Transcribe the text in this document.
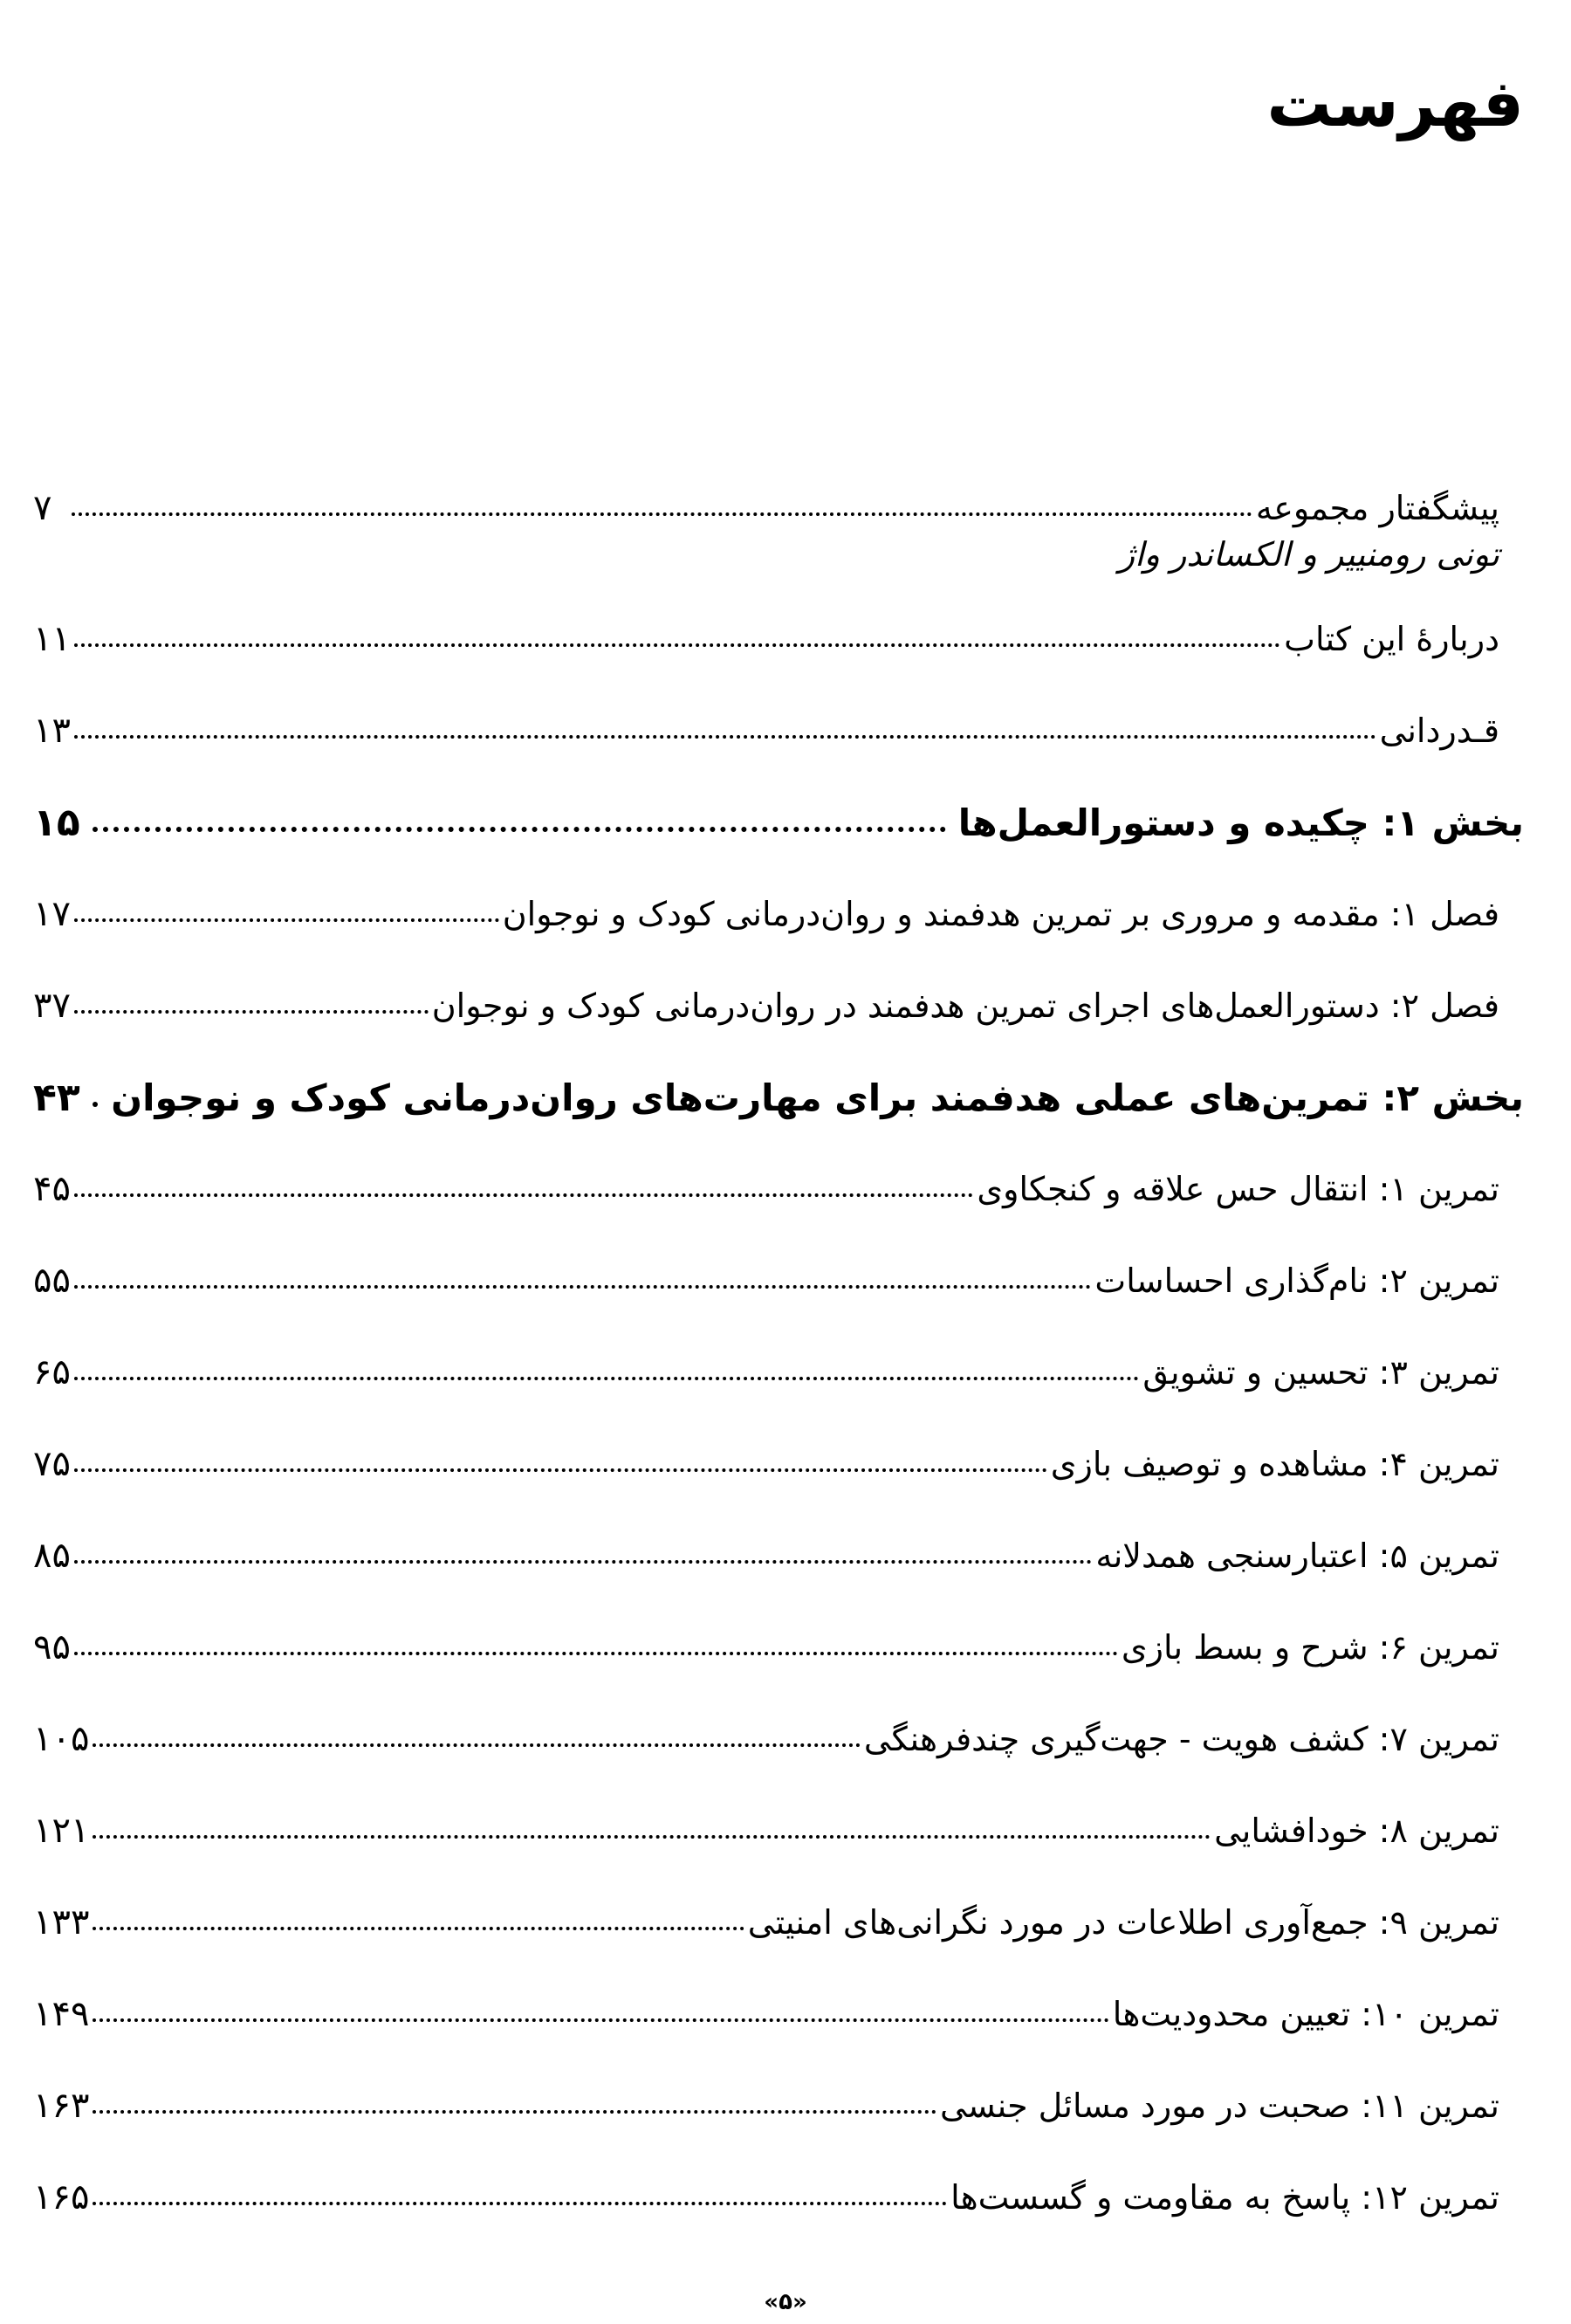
فهرست
پیشگفتار مجموعه
۷
تونی رومنییر و الکساندر واژ
دربارۀ این کتاب
۱۱
قـدردانی
۱۳
بخش ۱: چکیده و دستورالعمل‌ها
۱۵
فصل ۱: مقدمه و مروری بر تمرین هدفمند و روان‌درمانی کودک و نوجوان
۱۷
فصل ۲: دستورالعمل‌های اجرای تمرین هدفمند در روان‌درمانی کودک و نوجوان
۳۷
بخش ۲: تمرین‌های عملی هدفمند برای مهارت‌های روان‌درمانی کودک و نوجوان
۴۳
تمرین ۱: انتقال حس علاقه و کنجکاوی
۴۵
تمرین ۲: نام‌گذاری احساسات
۵۵
تمرین ۳: تحسین و تشویق
۶۵
تمرین ۴: مشاهده و توصیف بازی
۷۵
تمرین ۵: اعتبارسنجی همدلانه
۸۵
تمرین ۶: شرح و بسط بازی
۹۵
تمرین ۷: کشف هویت - جهت‌گیری چندفرهنگی
۱۰۵
تمرین ۸: خودافشایی
۱۲۱
تمرین ۹: جمع‌آوری اطلاعات در مورد نگرانی‌های امنیتی
۱۳۳
تمرین ۱۰: تعیین محدودیت‌ها
۱۴۹
تمرین ۱۱: صحبت در مورد مسائل جنسی
۱۶۳
تمرین ۱۲: پاسخ به مقاومت و گسست‌ها
۱۶۵
«۵»
